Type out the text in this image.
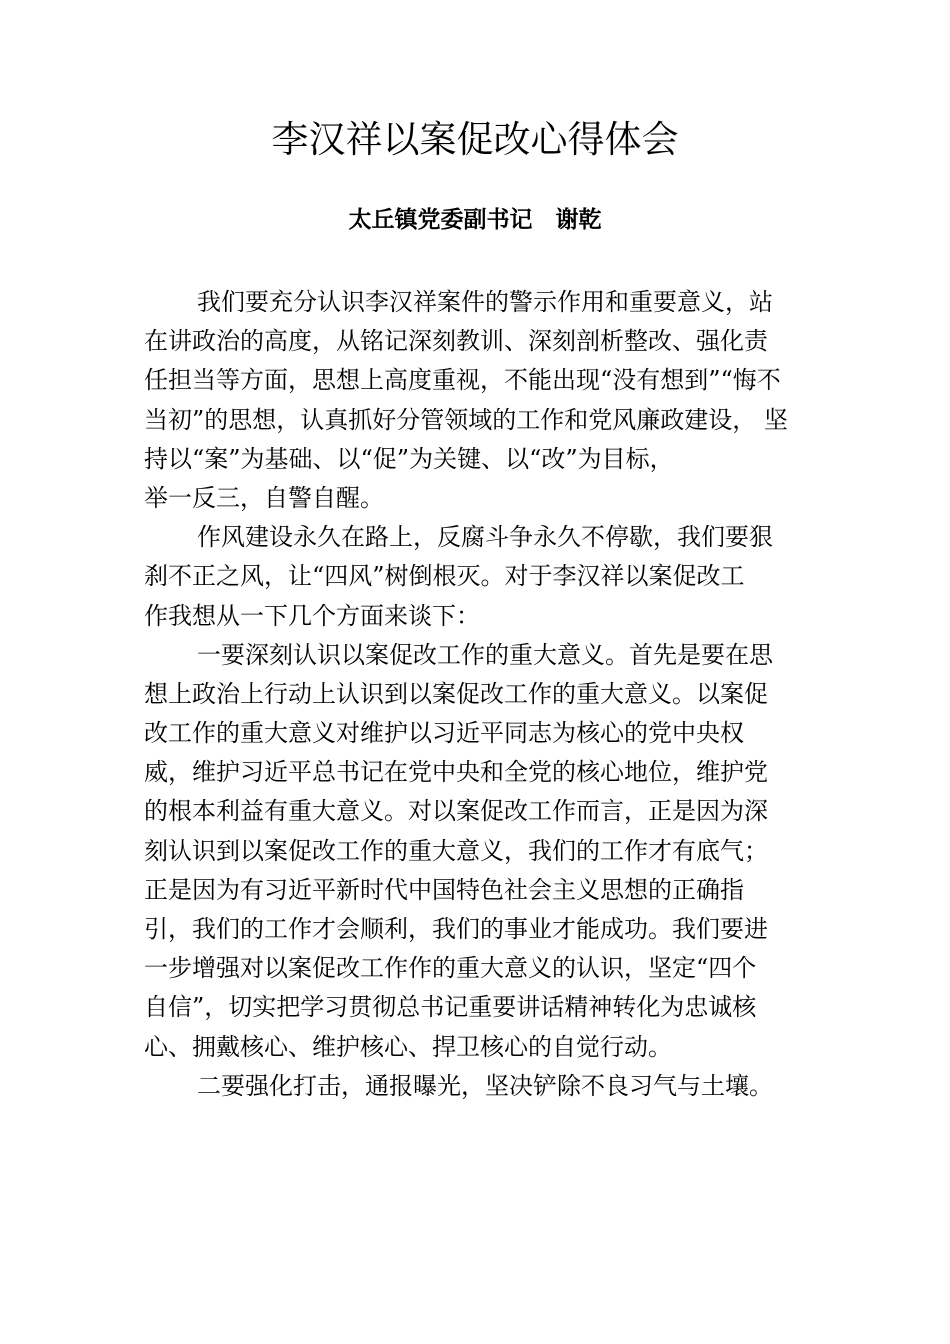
李汉祥以案促改心得体会
太丘镇党委副书记　谢乾
我们要充分认识李汉祥案件的警示作用和重要意义，站
在讲政治的高度，从铭记深刻教训、深刻剖析整改、强化责
任担当等方面，思想上高度重视，不能出现“没有想到”“悔不
当初”的思想，认真抓好分管领域的工作和党风廉政建设， 坚
持以“案”为基础、以“促”为关键、以“改”为目标，
举一反三，自警自醒。
作风建设永久在路上，反腐斗争永久不停歇，我们要狠
刹不正之风，让“四风”树倒根灭。对于李汉祥以案促改工
作我想从一下几个方面来谈下：
一要深刻认识以案促改工作的重大意义。首先是要在思
想上政治上行动上认识到以案促改工作的重大意义。以案促
改工作的重大意义对维护以习近平同志为核心的党中央权
威，维护习近平总书记在党中央和全党的核心地位，维护党
的根本利益有重大意义。对以案促改工作而言，正是因为深
刻认识到以案促改工作的重大意义，我们的工作才有底气；
正是因为有习近平新时代中国特色社会主义思想的正确指
引，我们的工作才会顺利，我们的事业才能成功。我们要进
一步增强对以案促改工作作的重大意义的认识，坚定“四个
自信”，切实把学习贯彻总书记重要讲话精神转化为忠诚核
心、拥戴核心、维护核心、捍卫核心的自觉行动。
二要强化打击，通报曝光，坚决铲除不良习气与土壤。
